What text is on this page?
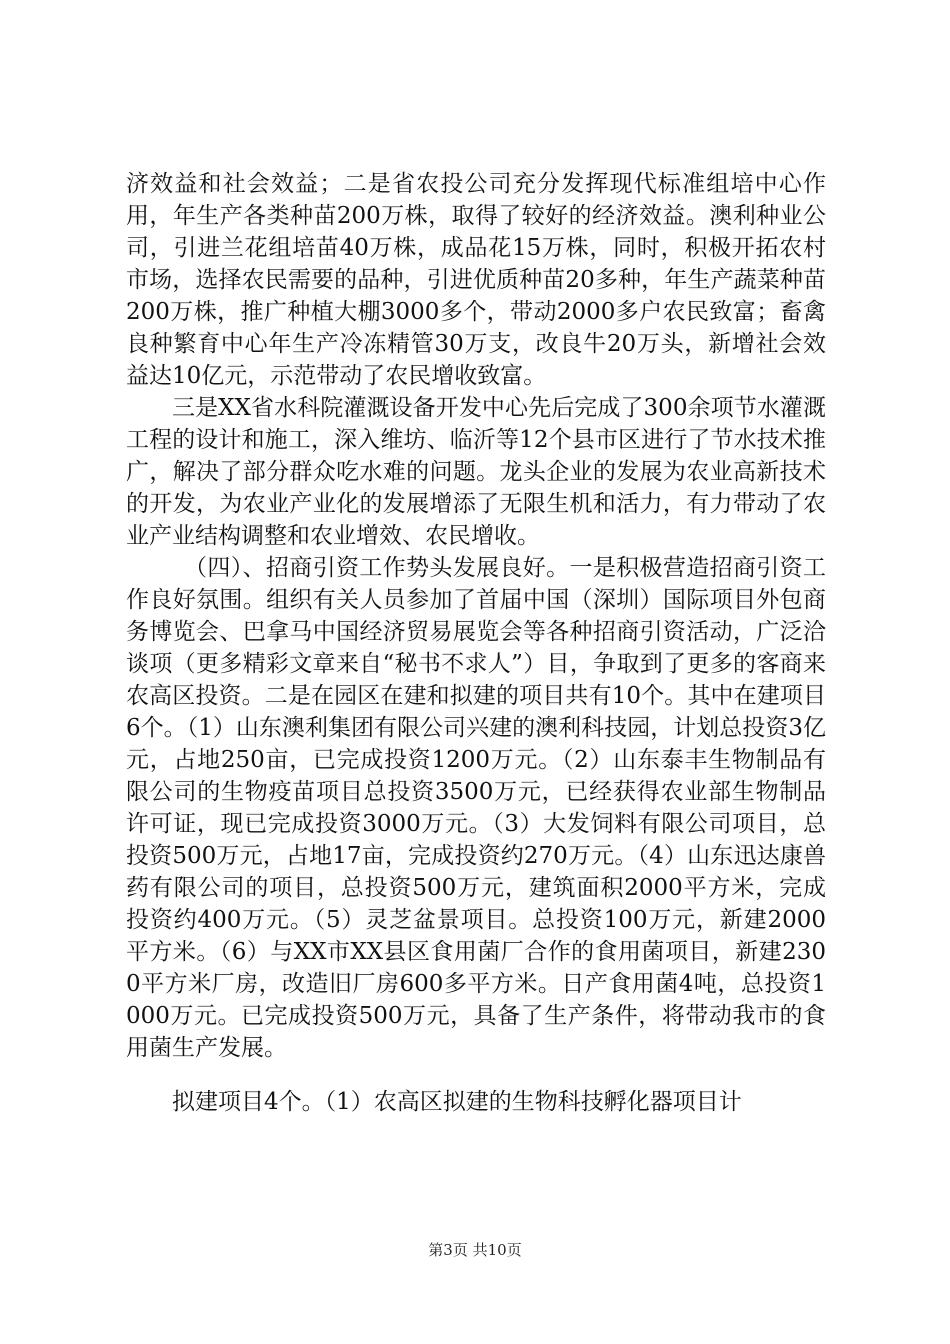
济效益和社会效益；二是省农投公司充分发挥现代标准组培中心作用，年生产各类种苗200万株，取得了较好的经济效益。澳利种业公司，引进兰花组培苗40万株，成品花15万株，同时，积极开拓农村市场，选择农民需要的品种，引进优质种苗20多种，年生产蔬菜种苗200万株，推广种植大棚3000多个，带动2000多户农民致富；畜禽良种繁育中心年生产冷冻精管30万支，改良牛20万头，新增社会效益达10亿元，示范带动了农民增收致富。

三是XX省水科院灌溉设备开发中心先后完成了300余项节水灌溉工程的设计和施工，深入维坊、临沂等12个县市区进行了节水技术推广，解决了部分群众吃水难的问题。龙头企业的发展为农业高新技术的开发，为农业产业化的发展增添了无限生机和活力，有力带动了农业产业结构调整和农业增效、农民增收。

（四）、招商引资工作势头发展良好。一是积极营造招商引资工作良好氛围。组织有关人员参加了首届中国（深圳）国际项目外包商务博览会、巴拿马中国经济贸易展览会等各种招商引资活动，广泛洽谈项（更多精彩文章来自“秘书不求人”）目，争取到了更多的客商来农高区投资。二是在园区在建和拟建的项目共有10个。其中在建项目6个。（1）山东澳利集团有限公司兴建的澳利科技园，计划总投资3亿元，占地250亩，已完成投资1200万元。（2）山东泰丰生物制品有限公司的生物疫苗项目总投资3500万元，已经获得农业部生物制品许可证，现已完成投资3000万元。（3）大发饲料有限公司项目，总投资500万元，占地17亩，完成投资约270万元。（4）山东迅达康兽药有限公司的项目，总投资500万元，建筑面积2000平方米，完成投资约400万元。（5）灵芝盆景项目。总投资100万元，新建2000平方米。（6）与XX市XX县区食用菌厂合作的食用菌项目，新建2300平方米厂房，改造旧厂房600多平方米。日产食用菌4吨，总投资1000万元。已完成投资500万元，具备了生产条件，将带动我市的食用菌生产发展。

拟建项目4个。（1）农高区拟建的生物科技孵化器项目计

第3页 共10页
